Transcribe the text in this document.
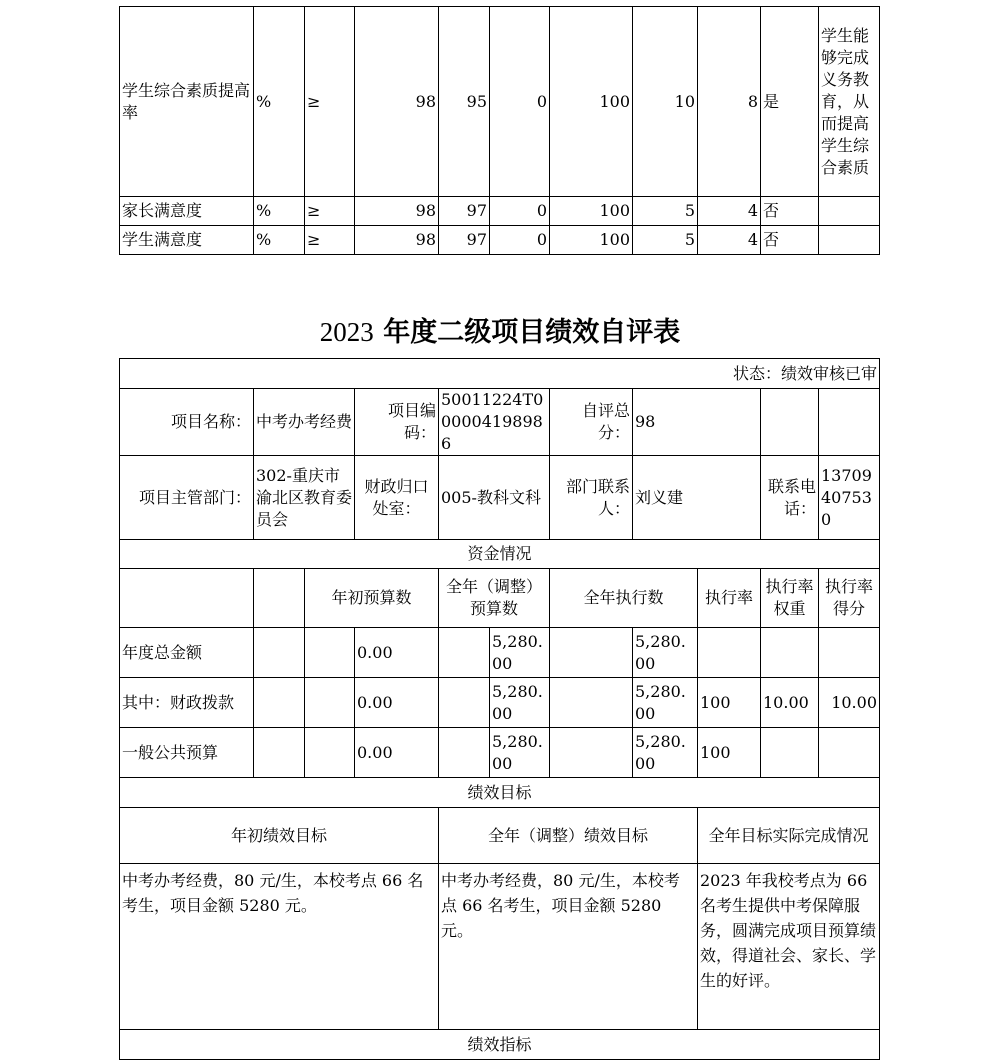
学生综合素质提高率	%	≥	98	95	0	100	10	8	是	学生能够完成义务教育，从而提高学生综合素质
家长满意度	%	≥	98	97	0	100	5	4	否	
学生满意度	%	≥	98	97	0	100	5	4	否	
2023 年度二级项目绩效自评表
状态：绩效审核已审										
项目名称：	中考办考经费		项目编码：	50011224T000004198986		自评总分：	98			
项目主管部门：	302-重庆市渝北区教育委员会		财政归口处室：	005-教科文科		部门联系人：	刘义建		联系电话：	13709407530
资金情况										
		年初预算数		全年（调整）预算数		全年执行数		执行率	执行率权重	执行率得分
年度总金额			0.00		5,280.00		5,280.00			
其中：财政拨款			0.00		5,280.00		5,280.00	100	10.00	10.00
一般公共预算			0.00		5,280.00		5,280.00	100		
绩效目标										
年初绩效目标				全年（调整）绩效目标				全年目标实际完成情况		
中考办考经费，80 元/生，本校考点 66 名考生，项目金额 5280 元。				中考办考经费，80 元/生，本校考点 66 名考生，项目金额 5280 元。				2023 年我校考点为 66 名考生提供中考保障服务，圆满完成项目预算绩效，得道社会、家长、学生的好评。		
绩效指标										
